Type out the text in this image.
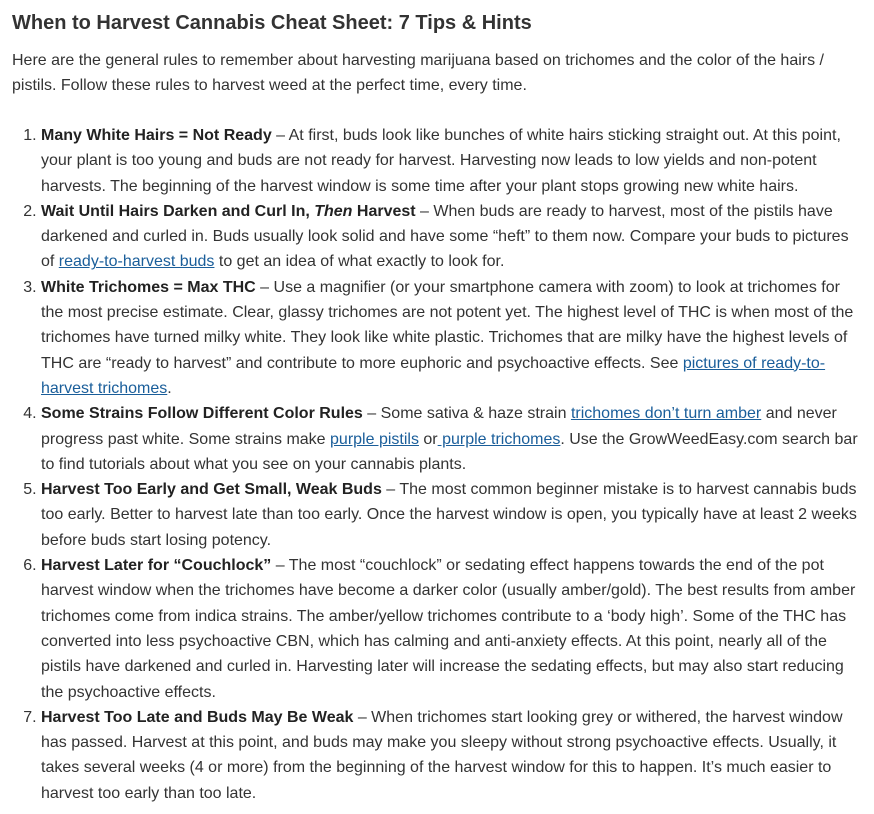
When to Harvest Cannabis Cheat Sheet: 7 Tips & Hints

Here are the general rules to remember about harvesting marijuana based on trichomes and the color of the hairs / pistils. Follow these rules to harvest weed at the perfect time, every time.

1. Many White Hairs = Not Ready – At first, buds look like bunches of white hairs sticking straight out. At this point, your plant is too young and buds are not ready for harvest. Harvesting now leads to low yields and non-potent harvests. The beginning of the harvest window is some time after your plant stops growing new white hairs.
2. Wait Until Hairs Darken and Curl In, Then Harvest – When buds are ready to harvest, most of the pistils have darkened and curled in. Buds usually look solid and have some “heft” to them now. Compare your buds to pictures of ready-to-harvest buds to get an idea of what exactly to look for.
3. White Trichomes = Max THC – Use a magnifier (or your smartphone camera with zoom) to look at trichomes for the most precise estimate. Clear, glassy trichomes are not potent yet. The highest level of THC is when most of the trichomes have turned milky white. They look like white plastic. Trichomes that are milky have the highest levels of THC are “ready to harvest” and contribute to more euphoric and psychoactive effects. See pictures of ready-to-harvest trichomes.
4. Some Strains Follow Different Color Rules – Some sativa & haze strain trichomes don’t turn amber and never progress past white. Some strains make purple pistils or purple trichomes. Use the GrowWeedEasy.com search bar to find tutorials about what you see on your cannabis plants.
5. Harvest Too Early and Get Small, Weak Buds – The most common beginner mistake is to harvest cannabis buds too early. Better to harvest late than too early. Once the harvest window is open, you typically have at least 2 weeks before buds start losing potency.
6. Harvest Later for “Couchlock” – The most “couchlock” or sedating effect happens towards the end of the pot harvest window when the trichomes have become a darker color (usually amber/gold). The best results from amber trichomes come from indica strains. The amber/yellow trichomes contribute to a ‘body high’. Some of the THC has converted into less psychoactive CBN, which has calming and anti-anxiety effects. At this point, nearly all of the pistils have darkened and curled in. Harvesting later will increase the sedating effects, but may also start reducing the psychoactive effects.
7. Harvest Too Late and Buds May Be Weak – When trichomes start looking grey or withered, the harvest window has passed. Harvest at this point, and buds may make you sleepy without strong psychoactive effects. Usually, it takes several weeks (4 or more) from the beginning of the harvest window for this to happen. It’s much easier to harvest too early than too late.
